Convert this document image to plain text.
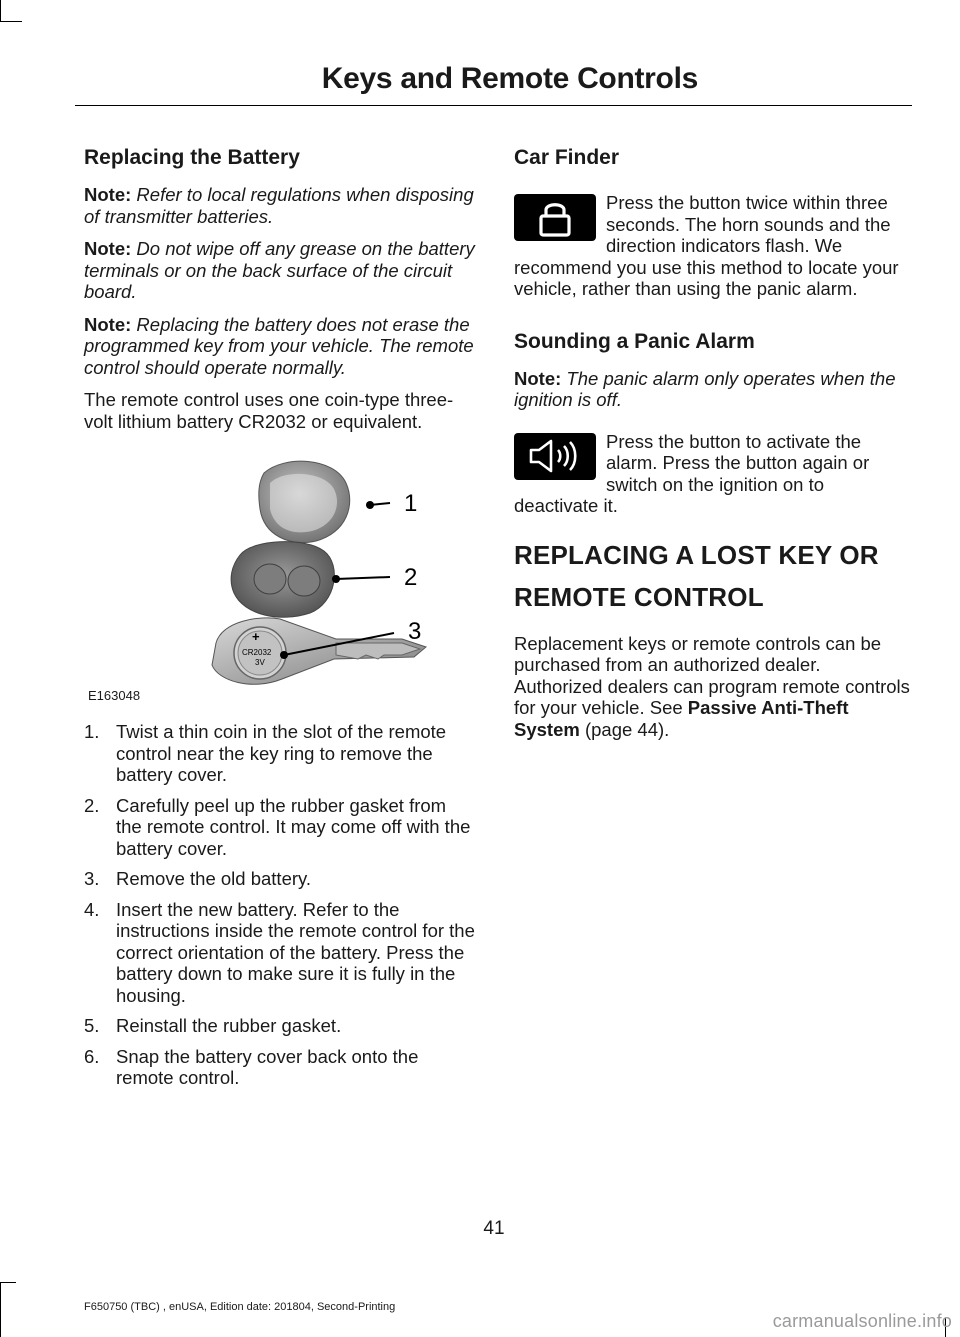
Keys and Remote Controls
Replacing the Battery

Note: Refer to local regulations when disposing of transmitter batteries.

Note: Do not wipe off any grease on the battery terminals or on the back surface of the circuit board.

Note: Replacing the battery does not erase the programmed key from your vehicle. The remote control should operate normally.

The remote control uses one coin-type three-volt lithium battery CR2032 or equivalent.

1
2
+
CR2032
3V
3
E163048
1. Twist a thin coin in the slot of the remote control near the key ring to remove the battery cover.
2. Carefully peel up the rubber gasket from the remote control. It may come off with the battery cover.
3. Remove the old battery.
4. Insert the new battery. Refer to the instructions inside the remote control for the correct orientation of the battery. Press the battery down to make sure it is fully in the housing.
5. Reinstall the rubber gasket.
6. Snap the battery cover back onto the remote control.
Car Finder

Press the button twice within three seconds. The horn sounds and the direction indicators flash. We recommend you use this method to locate your vehicle, rather than using the panic alarm.

Sounding a Panic Alarm

Note: The panic alarm only operates when the ignition is off.

Press the button to activate the alarm. Press the button again or switch on the ignition on to deactivate it.

REPLACING A LOST KEY OR
REMOTE CONTROL

Replacement keys or remote controls can be purchased from an authorized dealer. Authorized dealers can program remote controls for your vehicle. See Passive Anti-Theft System (page 44).

41
F650750 (TBC) , enUSA, Edition date: 201804, Second-Printing
carmanualsonline.info
